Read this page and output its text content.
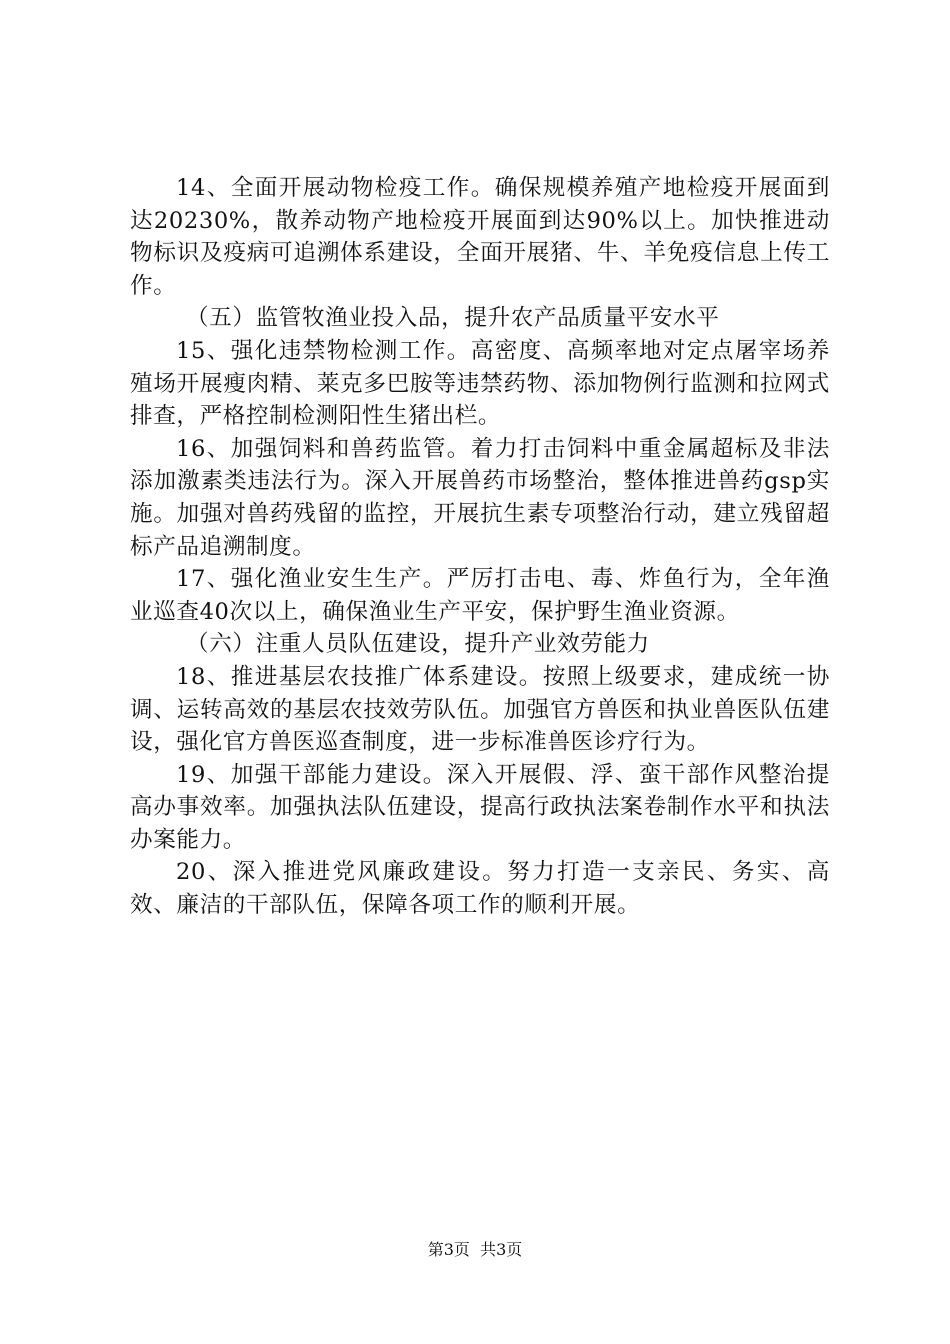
14、全面开展动物检疫工作。确保规模养殖产地检疫开展面到达20230%，散养动物产地检疫开展面到达90%以上。加快推进动物标识及疫病可追溯体系建设，全面开展猪、牛、羊免疫信息上传工作。

（五）监管牧渔业投入品，提升农产品质量平安水平

15、强化违禁物检测工作。高密度、高频率地对定点屠宰场养殖场开展瘦肉精、莱克多巴胺等违禁药物、添加物例行监测和拉网式排查，严格控制检测阳性生猪出栏。

16、加强饲料和兽药监管。着力打击饲料中重金属超标及非法添加激素类违法行为。深入开展兽药市场整治，整体推进兽药gsp实施。加强对兽药残留的监控，开展抗生素专项整治行动，建立残留超标产品追溯制度。

17、强化渔业安生生产。严厉打击电、毒、炸鱼行为，全年渔业巡查40次以上，确保渔业生产平安，保护野生渔业资源。

（六）注重人员队伍建设，提升产业效劳能力

18、推进基层农技推广体系建设。按照上级要求，建成统一协调、运转高效的基层农技效劳队伍。加强官方兽医和执业兽医队伍建设，强化官方兽医巡查制度，进一步标准兽医诊疗行为。

19、加强干部能力建设。深入开展假、浮、蛮干部作风整治提高办事效率。加强执法队伍建设，提高行政执法案卷制作水平和执法办案能力。

20、深入推进党风廉政建设。努力打造一支亲民、务实、高效、廉洁的干部队伍，保障各项工作的顺利开展。

第3页  共3页
